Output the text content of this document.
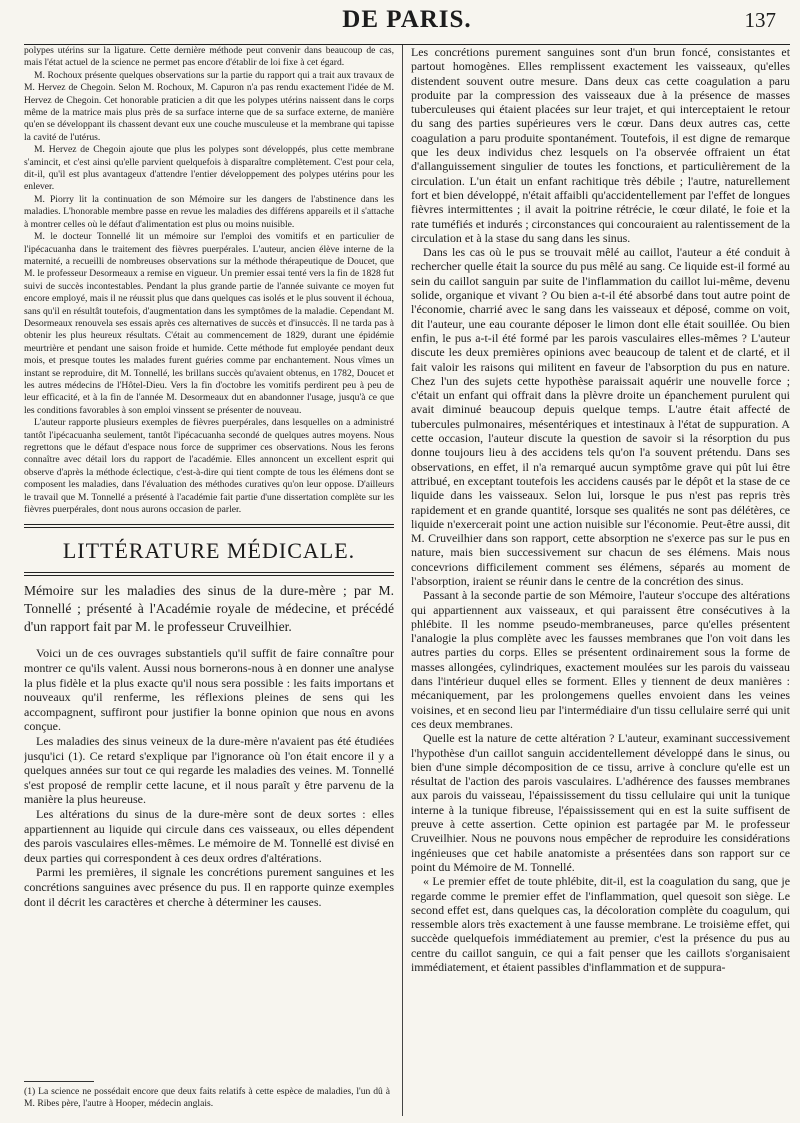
DE PARIS.	137

polypes utérins sur la ligature. Cette dernière méthode peut convenir dans beaucoup de cas, mais l'état actuel de la science ne permet pas encore d'établir de loi fixe à cet égard.

M. Rochoux présente quelques observations sur la partie du rapport qui a trait aux travaux de M. Hervez de Chegoin. Selon M. Rochoux, M. Capuron n'a pas rendu exactement l'idée de M. Hervez de Chegoin. Cet honorable praticien a dit que les polypes utérins naissent dans le corps même de la matrice mais plus près de sa surface interne que de sa surface externe, de manière qu'en se développant ils chassent devant eux une couche musculeuse et la membrane qui tapisse la cavité de l'utérus.

M. Hervez de Chegoin ajoute que plus les polypes sont développés, plus cette membrane s'amincit, et c'est ainsi qu'elle parvient quelquefois à disparaître complètement. C'est pour cela, dit-il, qu'il est plus avantageux d'attendre l'entier développement des polypes utérins pour les enlever.

M. Piorry lit la continuation de son Mémoire sur les dangers de l'abstinence dans les maladies. L'honorable membre passe en revue les maladies des différens appareils et il s'attache à montrer celles où le défaut d'alimentation est plus ou moins nuisible.

M. le docteur Tonnellé lit un mémoire sur l'emploi des vomitifs et en particulier de l'ipécacuanha dans le traitement des fièvres puerpérales. L'auteur, ancien élève interne de la maternité, a recueilli de nombreuses observations sur la méthode thérapeutique de Doucet, que M. le professeur Desormeaux a remise en vigueur. Un premier essai tenté vers la fin de 1828 fut suivi de succès incontestables. Pendant la plus grande partie de l'année suivante ce moyen fut encore employé, mais il ne réussit plus que dans quelques cas isolés et le plus souvent il échoua, sans qu'il en résultât toutefois, d'augmentation dans les symptômes de la maladie. Cependant M. Desormeaux renouvela ses essais après ces alternatives de succès et d'insuccès. Il ne tarda pas à obtenir les plus heureux résultats. C'était au commencement de 1829, durant une épidémie meurtrière et pendant une saison froide et humide. Cette méthode fut employée pendant deux mois, et presque toutes les malades furent guéries comme par enchantement. Nous vîmes un instant se reproduire, dit M. Tonnellé, les brillans succès qu'avaient obtenus, en 1782, Doucet et les autres médecins de l'Hôtel-Dieu. Vers la fin d'octobre les vomitifs perdirent peu à peu de leur efficacité, et à la fin de l'année M. Desormeaux dut en abandonner l'usage, jusqu'à ce que les conditions favorables à son emploi vinssent se présenter de nouveau.

L'auteur rapporte plusieurs exemples de fièvres puerpérales, dans lesquelles on a administré tantôt l'ipécacuanha seulement, tantôt l'ipécacuanha secondé de quelques autres moyens. Nous regrettons que le défaut d'espace nous force de supprimer ces observations. Nous les ferons connaître avec détail lors du rapport de l'académie. Elles annoncent un excellent esprit qui observe d'après la méthode éclectique, c'est-à-dire qui tient compte de tous les élémens dont se composent les maladies, dans l'évaluation des méthodes curatives qu'on leur oppose. D'ailleurs le travail que M. Tonnellé a présenté à l'académie fait partie d'une dissertation complète sur les fièvres puerpérales, dont nous aurons occasion de parler.

LITTÉRATURE MÉDICALE.

Mémoire sur les maladies des sinus de la dure-mère ; par M. Tonnellé ; présenté à l'Académie royale de médecine, et précédé d'un rapport fait par M. le professeur Cruveilhier.

Voici un de ces ouvrages substantiels qu'il suffit de faire connaître pour montrer ce qu'ils valent. Aussi nous bornerons-nous à en donner une analyse la plus fidèle et la plus exacte qu'il nous sera possible : les faits importans et nouveaux qu'il renferme, les réflexions pleines de sens qui les accompagnent, suffiront pour justifier la bonne opinion que nous en avons conçue.

Les maladies des sinus veineux de la dure-mère n'avaient pas été étudiées jusqu'ici (1). Ce retard s'explique par l'ignorance où l'on était encore il y a quelques années sur tout ce qui regarde les maladies des veines. M. Tonnellé s'est proposé de remplir cette lacune, et il nous paraît y être parvenu de la manière la plus heureuse.

Les altérations du sinus de la dure-mère sont de deux sortes : elles appartiennent au liquide qui circule dans ces vaisseaux, ou elles dépendent des parois vasculaires elles-mêmes. Le mémoire de M. Tonnellé est divisé en deux parties qui correspondent à ces deux ordres d'altérations.

Parmi les premières, il signale les concrétions purement sanguines et les concrétions sanguines avec présence du pus. Il en rapporte quinze exemples dont il décrit les caractères et cherche à déterminer les causes.

(1) La science ne possédait encore que deux faits relatifs à cette espèce de maladies, l'un dû à M. Ribes père, l'autre à Hooper, médecin anglais.

Les concrétions purement sanguines sont d'un brun foncé, consistantes et partout homogènes. Elles remplissent exactement les vaisseaux, qu'elles distendent souvent outre mesure. Dans deux cas cette coagulation a paru produite par la compression des vaisseaux due à la présence de masses tuberculeuses qui étaient placées sur leur trajet, et qui interceptaient le retour du sang des parties supérieures vers le cœur. Dans deux autres cas, cette coagulation a paru produite spontanément. Toutefois, il est digne de remarque que les deux individus chez lesquels on l'a observée offraient un état d'allanguissement singulier de toutes les fonctions, et particulièrement de la circulation. L'un était un enfant rachitique très débile ; l'autre, naturellement fort et bien développé, n'était affaibli qu'accidentellement par l'effet de longues fièvres intermittentes ; il avait la poitrine rétrécie, le cœur dilaté, le foie et la rate tuméfiés et indurés ; circonstances qui concouraient au ralentissement de la circulation et à la stase du sang dans les sinus.

Dans les cas où le pus se trouvait mêlé au caillot, l'auteur a été conduit à rechercher quelle était la source du pus mêlé au sang. Ce liquide est-il formé au sein du caillot sanguin par suite de l'inflammation du caillot lui-même, devenu solide, organique et vivant ? Ou bien a-t-il été absorbé dans tout autre point de l'économie, charrié avec le sang dans les vaisseaux et déposé, comme on voit, dit l'auteur, une eau courante déposer le limon dont elle était souillée. Ou bien enfin, le pus a-t-il été formé par les parois vasculaires elles-mêmes ? L'auteur discute les deux premières opinions avec beaucoup de talent et de clarté, et il fait valoir les raisons qui militent en faveur de l'absorption du pus en nature. Chez l'un des sujets cette hypothèse paraissait aquérir une nouvelle force ; c'était un enfant qui offrait dans la plèvre droite un épanchement purulent qui avait diminué beaucoup depuis quelque temps. L'autre était affecté de tubercules pulmonaires, mésentériques et intestinaux à l'état de suppuration. A cette occasion, l'auteur discute la question de savoir si la résorption du pus donne toujours lieu à des accidens tels qu'on l'a souvent prétendu. Dans ses observations, en effet, il n'a remarqué aucun symptôme grave qui pût lui être attribué, en exceptant toutefois les accidens causés par le dépôt et la stase de ce liquide dans les vaisseaux. Selon lui, lorsque le pus n'est pas repris très rapidement et en grande quantité, lorsque ses qualités ne sont pas délétères, ce liquide n'exercerait point une action nuisible sur l'économie. Peut-être aussi, dit M. Cruveilhier dans son rapport, cette absorption ne s'exerce pas sur le pus en nature, mais bien successivement sur chacun de ses élémens. Mais nous concevrions difficilement comment ses élémens, séparés au moment de l'absorption, iraient se réunir dans le centre de la concrétion des sinus.

Passant à la seconde partie de son Mémoire, l'auteur s'occupe des altérations qui appartiennent aux vaisseaux, et qui paraissent être consécutives à la phlébite. Il les nomme pseudo-membraneuses, parce qu'elles présentent l'analogie la plus complète avec les fausses membranes que l'on voit dans les autres parties du corps. Elles se présentent ordinairement sous la forme de masses allongées, cylindriques, exactement moulées sur les parois du vaisseau dans l'intérieur duquel elles se forment. Elles y tiennent de deux manières : mécaniquement, par les prolongemens quelles envoient dans les veines voisines, et en second lieu par l'intermédiaire d'un tissu cellulaire serré qui unit ces deux membranes.

Quelle est la nature de cette altération ? L'auteur, examinant successivement l'hypothèse d'un caillot sanguin accidentellement développé dans le sinus, ou bien d'une simple décomposition de ce tissu, arrive à conclure qu'elle est un résultat de l'action des parois vasculaires. L'adhérence des fausses membranes aux parois du vaisseau, l'épaississement du tissu cellulaire qui unit la tunique interne à la tunique fibreuse, l'épaississement qui en est la suite suffisent de preuve à cette assertion. Cette opinion est partagée par M. le professeur Cruveilhier. Nous ne pouvons nous empêcher de reproduire les considérations ingénieuses que cet habile anatomiste a présentées dans son rapport sur ce point du Mémoire de M. Tonnellé.

« Le premier effet de toute phlébite, dit-il, est la coagulation du sang, que je regarde comme le premier effet de l'inflammation, quel quesoit son siège. Le second effet est, dans quelques cas, la décoloration complète du coagulum, qui ressemble alors très exactement à une fausse membrane. Le troisième effet, qui succède quelquefois immédiatement au premier, c'est la présence du pus au centre du caillot sanguin, ce qui a fait penser que les caillots s'organisaient immédiatement, et étaient passibles d'inflammation et de suppura-
